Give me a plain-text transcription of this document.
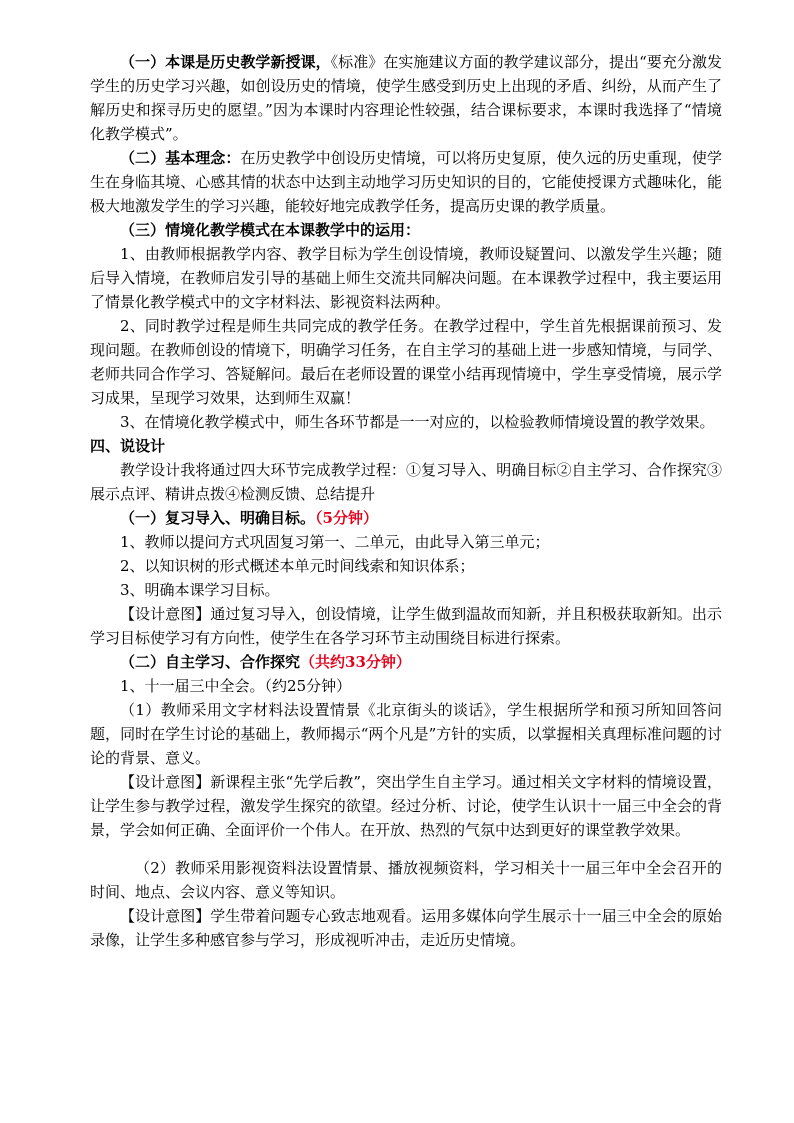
（一）本课是历史教学新授课，《标准》在实施建议方面的教学建议部分，提出“要充分激发学生的历史学习兴趣，如创设历史的情境，使学生感受到历史上出现的矛盾、纠纷，从而产生了解历史和探寻历史的愿望。”因为本课时内容理论性较强，结合课标要求，本课时我选择了“情境化教学模式”。

（二）基本理念：在历史教学中创设历史情境，可以将历史复原，使久远的历史重现，使学生在身临其境、心感其情的状态中达到主动地学习历史知识的目的，它能使授课方式趣味化，能极大地激发学生的学习兴趣，能较好地完成教学任务，提高历史课的教学质量。

（三）情境化教学模式在本课教学中的运用：

1、由教师根据教学内容、教学目标为学生创设情境，教师设疑置问、以激发学生兴趣；随后导入情境，在教师启发引导的基础上师生交流共同解决问题。在本课教学过程中，我主要运用了情景化教学模式中的文字材料法、影视资料法两种。

2、同时教学过程是师生共同完成的教学任务。在教学过程中，学生首先根据课前预习、发现问题。在教师创设的情境下，明确学习任务，在自主学习的基础上进一步感知情境，与同学、老师共同合作学习、答疑解问。最后在老师设置的课堂小结再现情境中，学生享受情境，展示学习成果，呈现学习效果，达到师生双赢！

3、在情境化教学模式中，师生各环节都是一一对应的，以检验教师情境设置的教学效果。

四、说设计

教学设计我将通过四大环节完成教学过程：①复习导入、明确目标②自主学习、合作探究③展示点评、精讲点拨④检测反馈、总结提升

（一）复习导入、明确目标。（5分钟）

1、教师以提问方式巩固复习第一、二单元，由此导入第三单元；

2、以知识树的形式概述本单元时间线索和知识体系；

3、明确本课学习目标。

【设计意图】通过复习导入，创设情境，让学生做到温故而知新，并且积极获取新知。出示学习目标使学习有方向性，使学生在各学习环节主动围绕目标进行探索。

（二）自主学习、合作探究（共约33分钟）

1、十一届三中全会。（约25分钟）

（1）教师采用文字材料法设置情景《北京街头的谈话》，学生根据所学和预习所知回答问题，同时在学生讨论的基础上，教师揭示“两个凡是”方针的实质，以掌握相关真理标准问题的讨论的背景、意义。

【设计意图】新课程主张“先学后教”，突出学生自主学习。通过相关文字材料的情境设置，让学生参与教学过程，激发学生探究的欲望。经过分析、讨论，使学生认识十一届三中全会的背景，学会如何正确、全面评价一个伟人。在开放、热烈的气氛中达到更好的课堂教学效果。

（2）教师采用影视资料法设置情景、播放视频资料，学习相关十一届三年中全会召开的时间、地点、会议内容、意义等知识。

【设计意图】学生带着问题专心致志地观看。运用多媒体向学生展示十一届三中全会的原始录像，让学生多种感官参与学习，形成视听冲击，走近历史情境。
